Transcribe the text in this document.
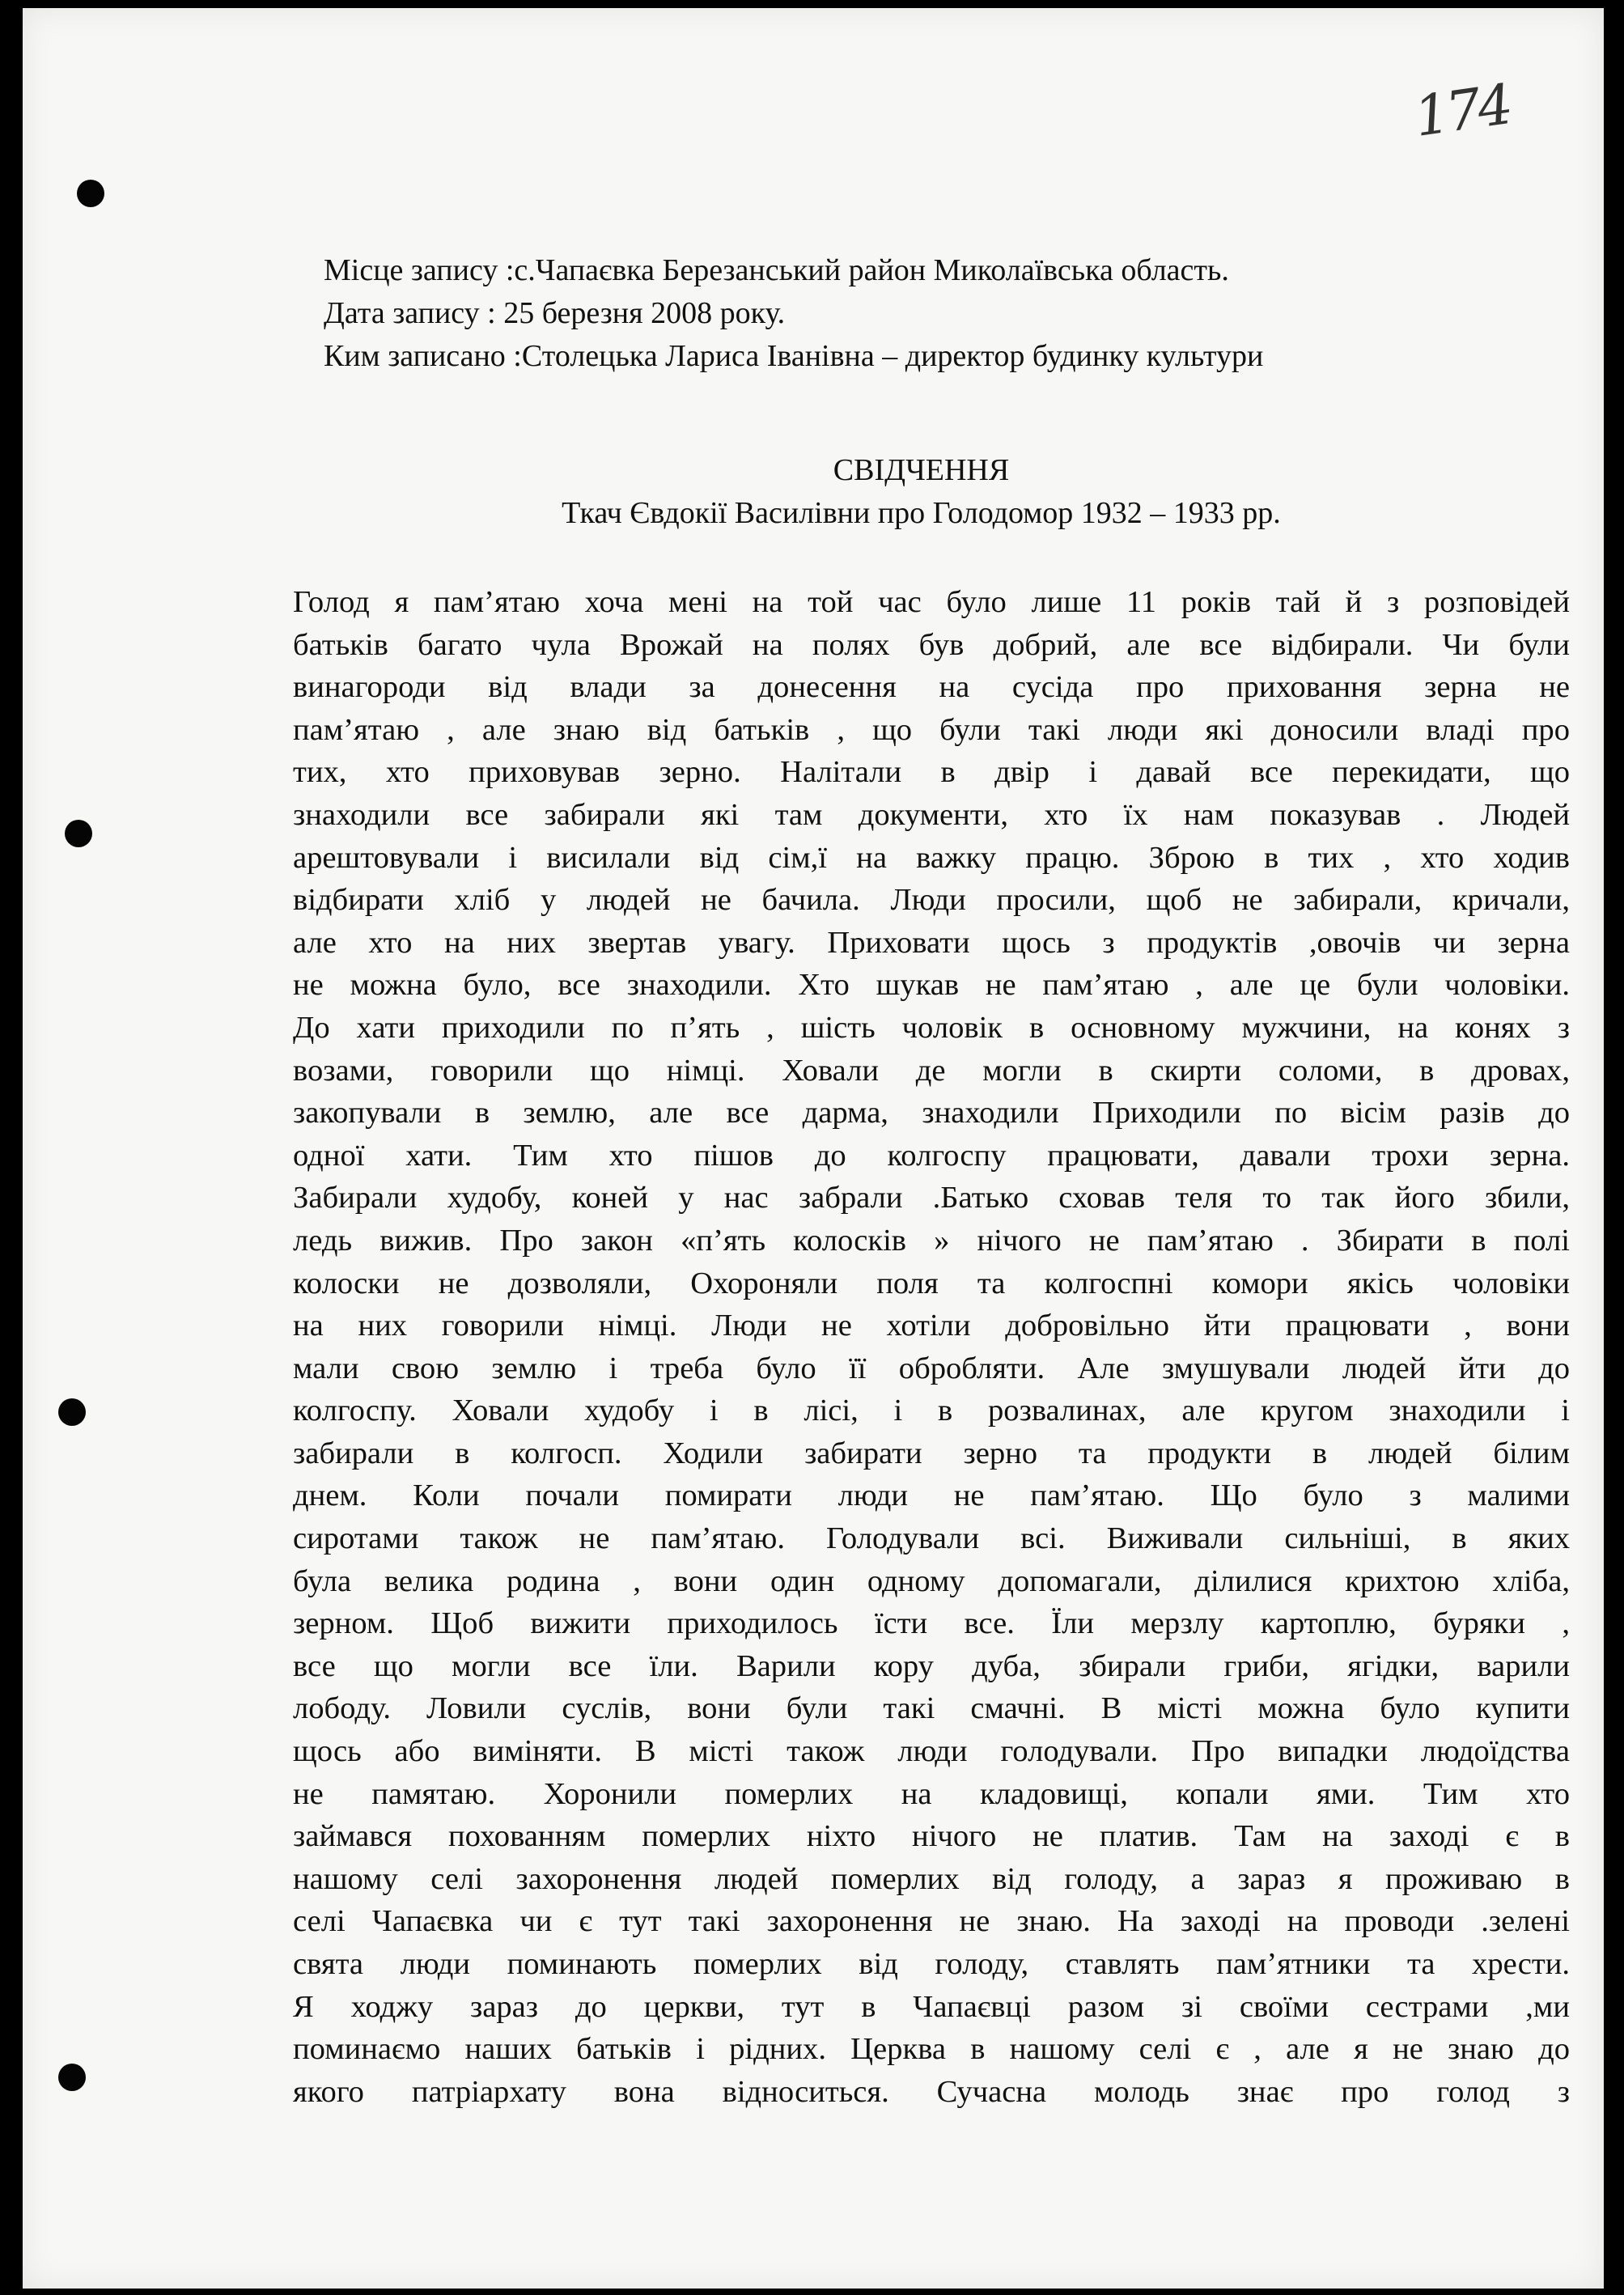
174
Місце запису :с.Чапаєвка Березанський район Миколаївська область.
Дата запису : 25 березня 2008 року.
Ким записано :Столецька Лариса Іванівна – директор будинку культури
СВІДЧЕННЯ
Ткач Євдокії Василівни про Голодомор 1932 – 1933 рр.
Голод я пам’ятаю хоча мені на той час було лише 11 років тай й з розповідей
батьків багато чула Врожай на полях був добрий, але все відбирали. Чи були
винагороди від влади за донесення на сусіда про приховання зерна не
пам’ятаю , але знаю від батьків , що були такі люди які доносили владі про
тих, хто приховував зерно. Налітали в двір і давай все перекидати, що
знаходили все забирали які там документи, хто їх нам показував . Людей
арештовували і висилали від сім,ї на важку працю. Зброю в тих , хто ходив
відбирати хліб у людей не бачила. Люди просили, щоб не забирали, кричали,
але хто на них звертав увагу. Приховати щось з продуктів ,овочів чи зерна
не можна було, все знаходили. Хто шукав не пам’ятаю , але це були чоловіки.
До хати приходили по п’ять , шість чоловік в основному мужчини, на конях з
возами, говорили що німці. Ховали де могли в скирти соломи, в дровах,
закопували в землю, але все дарма, знаходили Приходили по вісім разів до
одної хати. Тим хто пішов до колгоспу працювати, давали трохи зерна.
Забирали худобу, коней у нас забрали .Батько сховав теля то так його збили,
ледь вижив. Про закон «п’ять колосків » нічого не пам’ятаю . Збирати в полі
колоски не дозволяли, Охороняли поля та колгоспні комори якісь чоловіки
на них говорили німці. Люди не хотіли добровільно йти працювати , вони
мали свою землю і треба було її обробляти. Але змушували людей йти до
колгоспу. Ховали худобу і в лісі, і в розвалинах, але кругом знаходили і
забирали в колгосп. Ходили забирати зерно та продукти в людей білим
днем. Коли почали помирати люди не пам’ятаю. Що було з малими
сиротами також не пам’ятаю. Голодували всі. Виживали сильніші, в яких
була велика родина , вони один одному допомагали, ділилися крихтою хліба,
зерном. Щоб вижити приходилось їсти все. Їли мерзлу картоплю, буряки ,
все що могли все їли. Варили кору дуба, збирали гриби, ягідки, варили
лободу. Ловили суслів, вони були такі смачні. В місті можна було купити
щось або виміняти. В місті також люди голодували. Про випадки людоїдства
не памятаю. Хоронили померлих на кладовищі, копали ями. Тим хто
займався похованням померлих ніхто нічого не платив. Там на заході є в
нашому селі захоронення людей померлих від голоду, а зараз я проживаю в
селі Чапаєвка чи є тут такі захоронення не знаю. На заході на проводи .зелені
свята люди поминають померлих від голоду, ставлять пам’ятники та хрести.
Я ходжу зараз до церкви, тут в Чапаєвці разом зі своїми сестрами ,ми
поминаємо наших батьків і рідних. Церква в нашому селі є , але я не знаю до
якого патріархату вона відноситься. Сучасна молодь знає про голод з
